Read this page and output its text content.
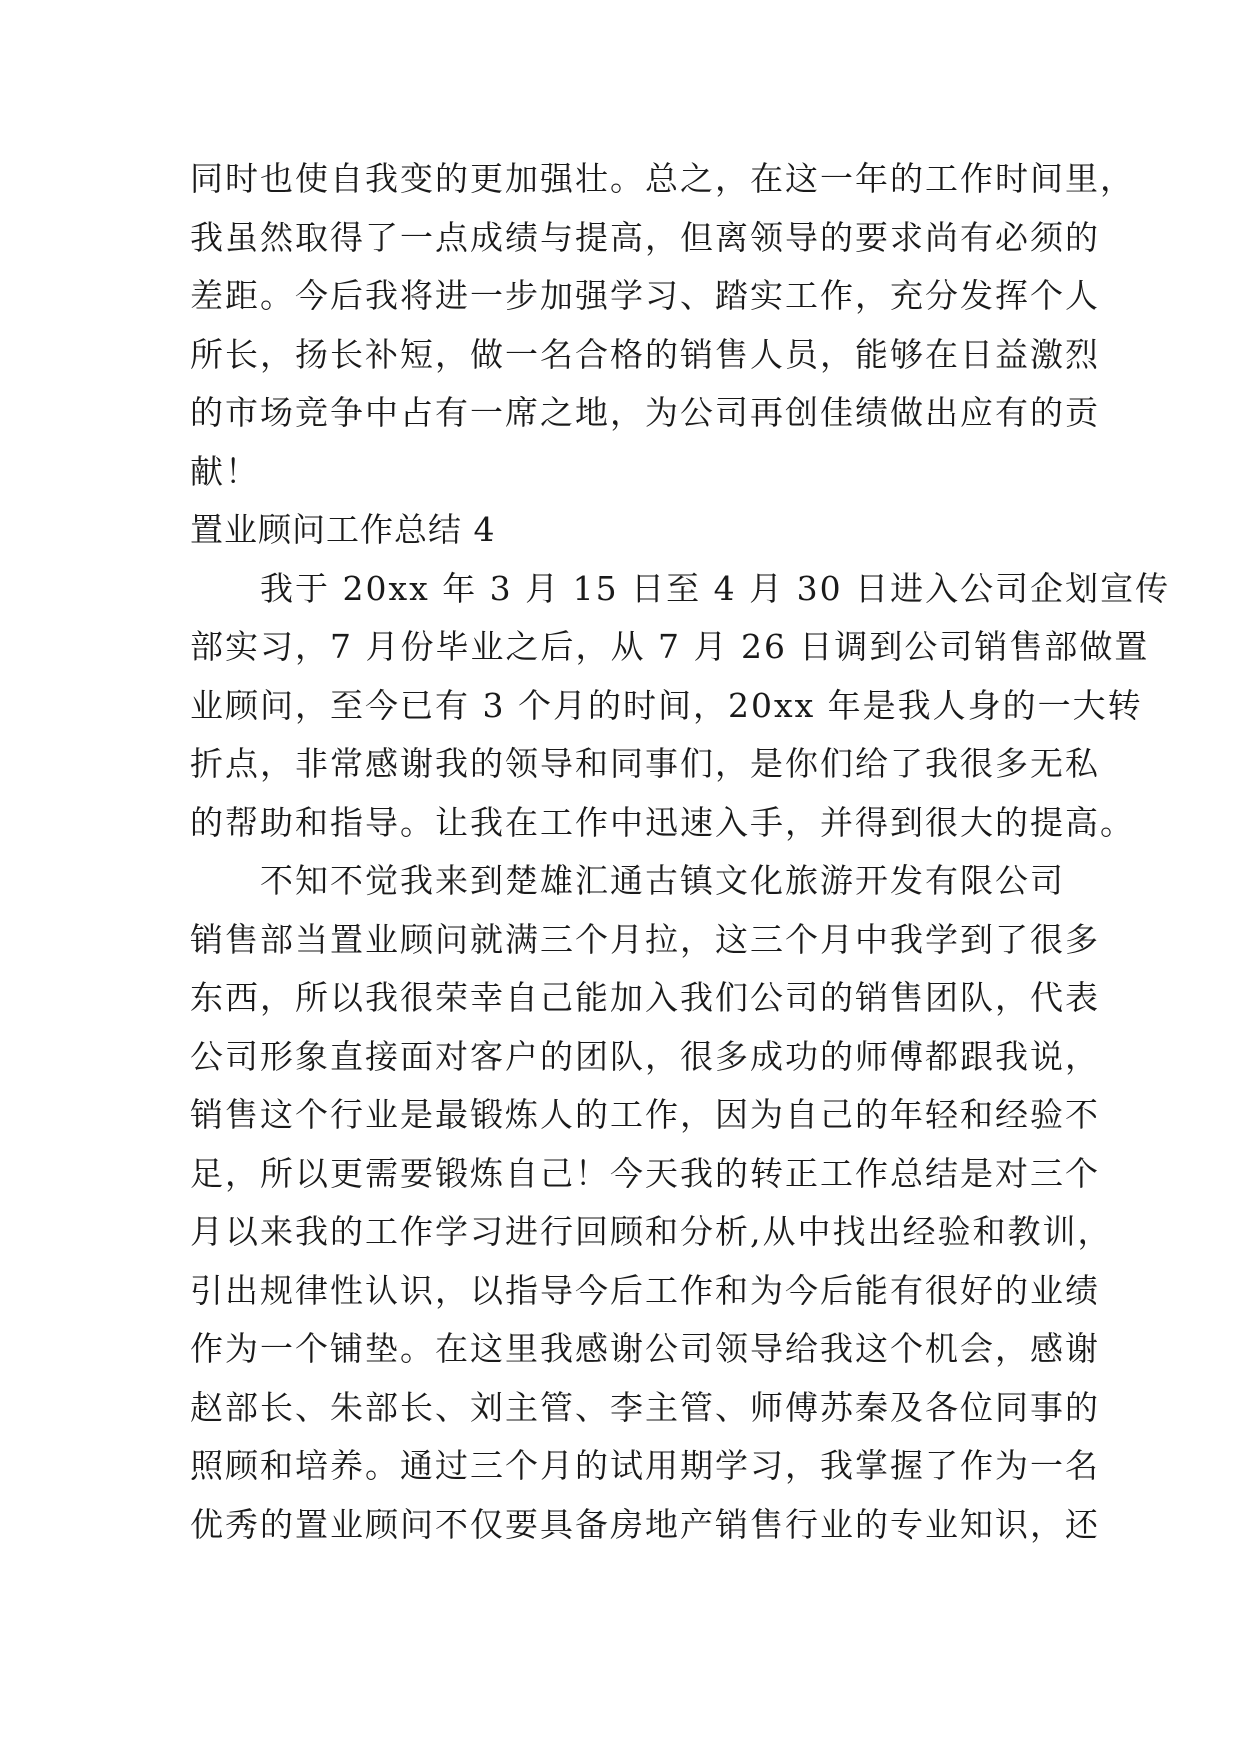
同时也使自我变的更加强壮。总之，在这一年的工作时间里，
我虽然取得了一点成绩与提高，但离领导的要求尚有必须的
差距。今后我将进一步加强学习、踏实工作，充分发挥个人
所长，扬长补短，做一名合格的销售人员，能够在日益激烈
的市场竞争中占有一席之地，为公司再创佳绩做出应有的贡
献！
置业顾问工作总结 4
我于 20xx 年 3 月 15 日至 4 月 30 日进入公司企划宣传
部实习，7 月份毕业之后，从 7 月 26 日调到公司销售部做置
业顾问，至今已有 3 个月的时间，20xx 年是我人身的一大转
折点，非常感谢我的领导和同事们，是你们给了我很多无私
的帮助和指导。让我在工作中迅速入手，并得到很大的提高。
不知不觉我来到楚雄汇通古镇文化旅游开发有限公司
销售部当置业顾问就满三个月拉，这三个月中我学到了很多
东西，所以我很荣幸自己能加入我们公司的销售团队，代表
公司形象直接面对客户的团队，很多成功的师傅都跟我说，
销售这个行业是最锻炼人的工作，因为自己的年轻和经验不
足，所以更需要锻炼自己！今天我的转正工作总结是对三个
月以来我的工作学习进行回顾和分析,从中找出经验和教训，
引出规律性认识，以指导今后工作和为今后能有很好的业绩
作为一个铺垫。在这里我感谢公司领导给我这个机会，感谢
赵部长、朱部长、刘主管、李主管、师傅苏秦及各位同事的
照顾和培养。通过三个月的试用期学习，我掌握了作为一名
优秀的置业顾问不仅要具备房地产销售行业的专业知识，还
